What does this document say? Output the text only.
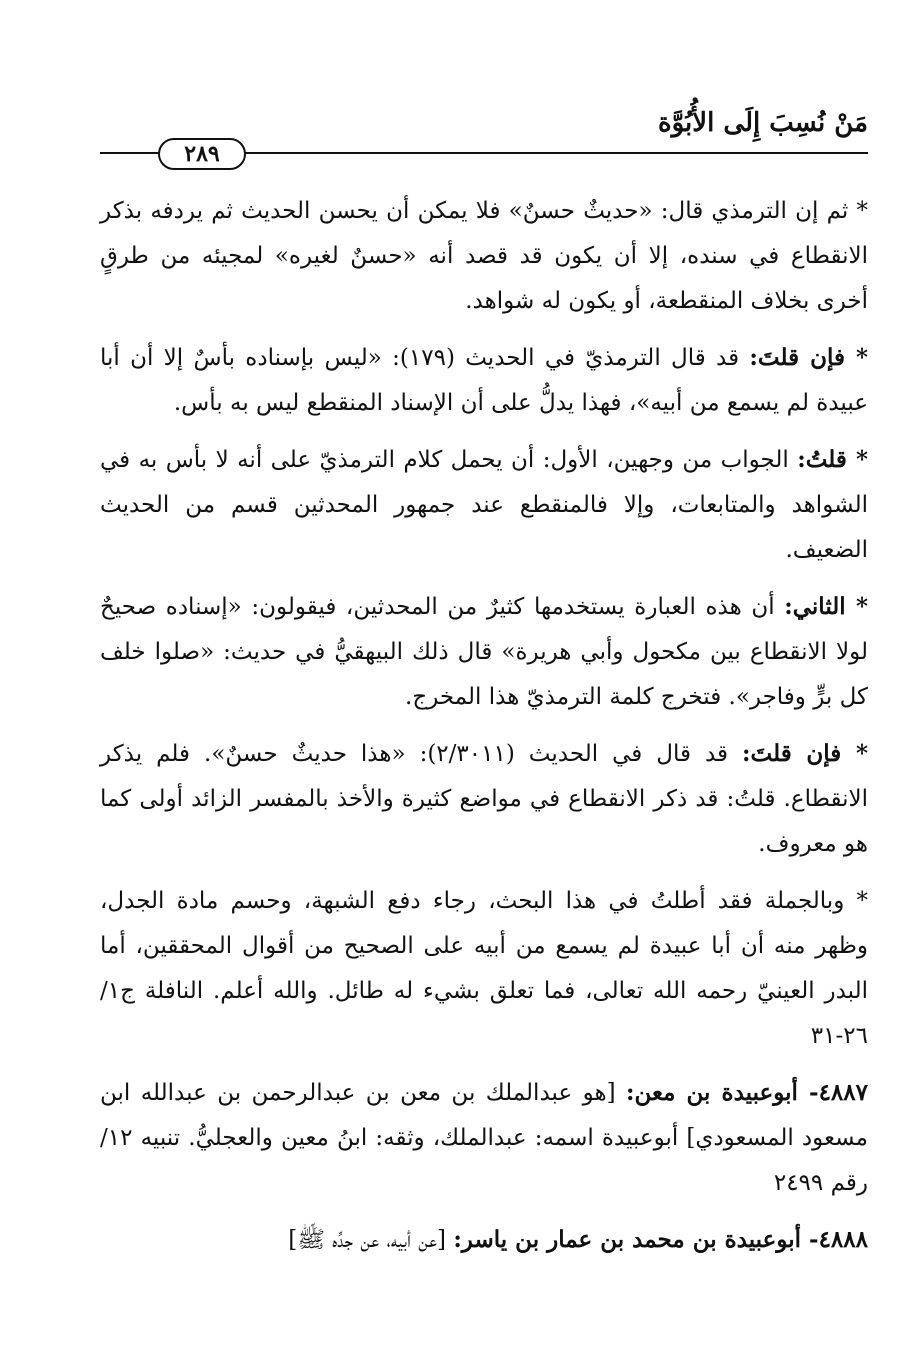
مَنْ نُسِبَ إِلَى الأُبُوَّة
٢٨٩

* ثم إن الترمذي قال: «حديثٌ حسنٌ» فلا يمكن أن يحسن الحديث ثم يردفه بذكر الانقطاع في سنده، إلا أن يكون قد قصد أنه «حسنٌ لغيره» لمجيئه من طرقٍ أخرى بخلاف المنقطعة، أو يكون له شواهد.

* فإن قلتَ: قد قال الترمذيّ في الحديث (١٧٩): «ليس بإسناده بأسٌ إلا أن أبا عبيدة لم يسمع من أبيه»، فهذا يدلُّ على أن الإسناد المنقطع ليس به بأس.

* قلتُ: الجواب من وجهين، الأول: أن يحمل كلام الترمذيّ على أنه لا بأس به في الشواهد والمتابعات، وإلا فالمنقطع عند جمهور المحدثين قسم من الحديث الضعيف.

* الثاني: أن هذه العبارة يستخدمها كثيرٌ من المحدثين، فيقولون: «إسناده صحيحٌ لولا الانقطاع بين مكحول وأبي هريرة» قال ذلك البيهقيُّ في حديث: «صلوا خلف كل برٍّ وفاجر». فتخرج كلمة الترمذيّ هذا المخرج.

* فإن قلتَ: قد قال في الحديث (٢/٣٠١١): «هذا حديثٌ حسنٌ». فلم يذكر الانقطاع. قلتُ: قد ذكر الانقطاع في مواضع كثيرة والأخذ بالمفسر الزائد أولى كما هو معروف.

* وبالجملة فقد أطلتُ في هذا البحث، رجاء دفع الشبهة، وحسم مادة الجدل، وظهر منه أن أبا عبيدة لم يسمع من أبيه على الصحيح من أقوال المحققين، أما البدر العينيّ رحمه الله تعالى، فما تعلق بشيء له طائل. والله أعلم. النافلة ج١/ ٢٦-٣١

٤٨٨٧- أبوعبيدة بن معن: [هو عبدالملك بن معن بن عبدالرحمن بن عبدالله ابن مسعود المسعودي] أبوعبيدة اسمه: عبدالملك، وثقه: ابنُ معين والعجليُّ. تنبيه ١٢/ رقم ٢٤٩٩

٤٨٨٨- أبوعبيدة بن محمد بن عمار بن ياسر: [عن أبيه، عن جدِّه ﷺ]
